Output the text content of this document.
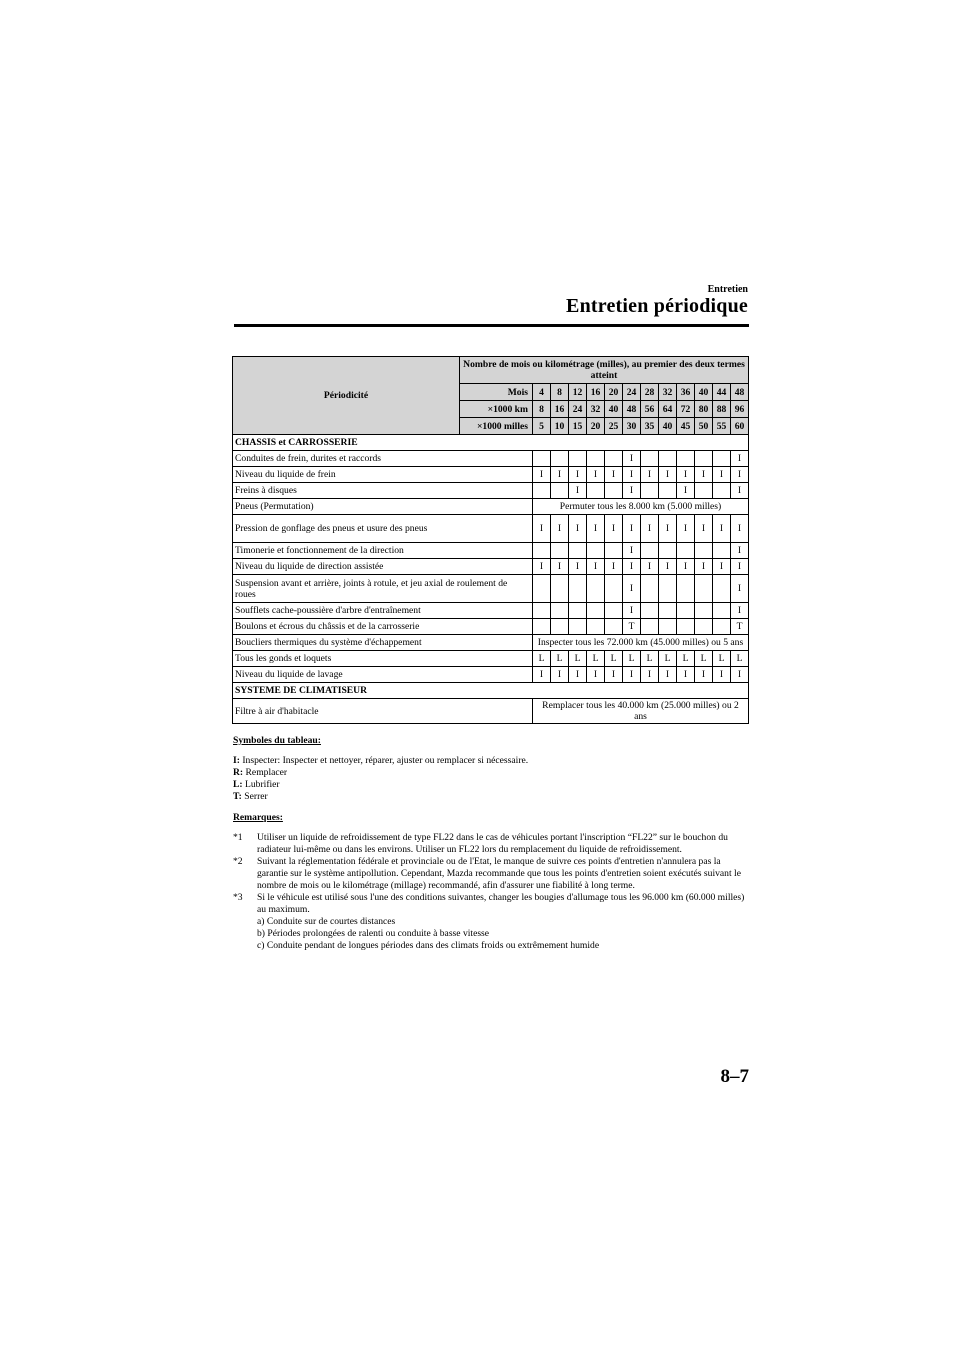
Entretien
Entretien périodique
Périodicité	Nombre de mois ou kilométrage (milles), au premier des deux termes atteint												
	Mois	4	8	12	16	20	24	28	32	36	40	44	48
	×1000 km	8	16	24	32	40	48	56	64	72	80	88	96
	×1000 milles	5	10	15	20	25	30	35	40	45	50	55	60
CHASSIS et CARROSSERIE													
Conduites de frein, durites et raccords							I						I
Niveau du liquide de frein		I	I	I	I	I	I	I	I	I	I	I	I
Freins à disques				I			I			I			I
Pneus (Permutation)		Permuter tous les 8.000 km (5.000 milles)											
Pression de gonflage des pneus et usure des pneus		I	I	I	I	I	I	I	I	I	I	I	I
Timonerie et fonctionnement de la direction							I						I
Niveau du liquide de direction assistée		I	I	I	I	I	I	I	I	I	I	I	I
Suspension avant et arrière, joints à rotule, et jeu axial de roulement de roues							I						I
Soufflets cache-poussière d'arbre d'entraînement							I						I
Boulons et écrous du châssis et de la carrosserie							T						T
Boucliers thermiques du système d'échappement		Inspecter tous les 72.000 km (45.000 milles) ou 5 ans											
Tous les gonds et loquets		L	L	L	L	L	L	L	L	L	L	L	L
Niveau du liquide de lavage		I	I	I	I	I	I	I	I	I	I	I	I
SYSTEME DE CLIMATISEUR													
Filtre à air d'habitacle		Remplacer tous les 40.000 km (25.000 milles) ou 2 ans											
Symboles du tableau:
I: Inspecter: Inspecter et nettoyer, réparer, ajuster ou remplacer si nécessaire.
R: Remplacer
L: Lubrifier
T: Serrer
Remarques:
*1	Utiliser un liquide de refroidissement de type FL22 dans le cas de véhicules portant l'inscription “FL22” sur le bouchon du radiateur lui-même ou dans les environs. Utiliser un FL22 lors du remplacement du liquide de refroidissement.
*2	Suivant la réglementation fédérale et provinciale ou de l'Etat, le manque de suivre ces points d'entretien n'annulera pas la garantie sur le système antipollution. Cependant, Mazda recommande que tous les points d'entretien soient exécutés suivant le nombre de mois ou le kilométrage (millage) recommandé, afin d'assurer une fiabilité à long terme.
*3	Si le véhicule est utilisé sous l'une des conditions suivantes, changer les bougies d'allumage tous les 96.000 km (60.000 milles) au maximum.
a) Conduite sur de courtes distances
b) Périodes prolongées de ralenti ou conduite à basse vitesse
c) Conduite pendant de longues périodes dans des climats froids ou extrêmement humide
8–7
